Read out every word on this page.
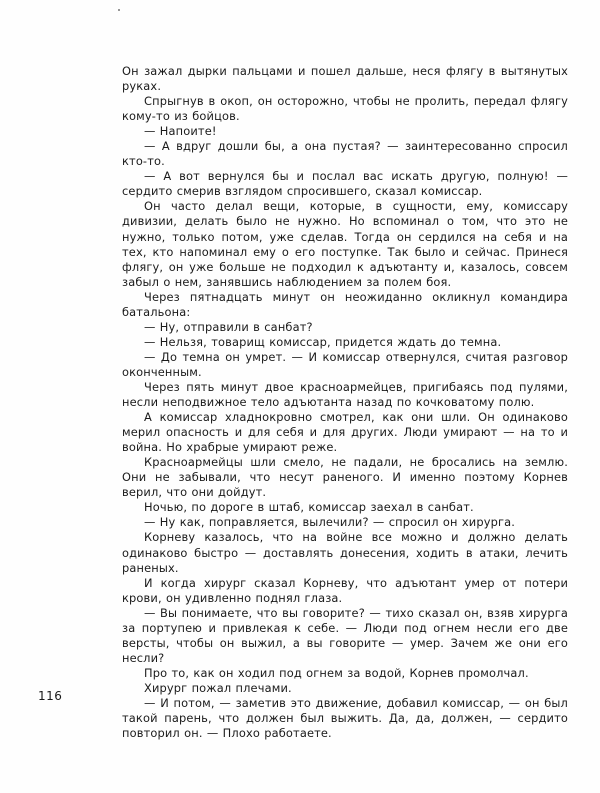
Он зажал дырки пальцами и пошел дальше, неся флягу в вытянутых руках.

Спрыгнув в окоп, он осторожно, чтобы не пролить, передал флягу кому-то из бойцов.

— Напоите!

— А вдруг дошли бы, а она пустая? — заинтересованно спросил кто-то.

— А вот вернулся бы и послал вас искать другую, полную! — сердито смерив взглядом спросившего, сказал комиссар.

Он часто делал вещи, которые, в сущности, ему, комиссару дивизии, делать было не нужно. Но вспоминал о том, что это не нужно, только потом, уже сделав. Тогда он сердился на себя и на тех, кто напоминал ему о его поступке. Так было и сейчас. Принеся флягу, он уже больше не подходил к адъютанту и, казалось, совсем забыл о нем, занявшись наблюдением за полем боя.

Через пятнадцать минут он неожиданно окликнул командира батальона:

— Ну, отправили в санбат?

— Нельзя, товарищ комиссар, придется ждать до темна.

— До темна он умрет. — И комиссар отвернулся, считая разговор оконченным.

Через пять минут двое красноармейцев, пригибаясь под пулями, несли неподвижное тело адъютанта назад по кочковатому полю.

А комиссар хладнокровно смотрел, как они шли. Он одинаково мерил опасность и для себя и для других. Люди умирают — на то и война. Но храбрые умирают реже.

Красноармейцы шли смело, не падали, не бросались на землю. Они не забывали, что несут раненого. И именно поэтому Корнев верил, что они дойдут.

Ночью, по дороге в штаб, комиссар заехал в санбат.

— Ну как, поправляется, вылечили? — спросил он хирурга.

Корневу казалось, что на войне все можно и должно делать одинаково быстро — доставлять донесения, ходить в атаки, лечить раненых.

И когда хирург сказал Корневу, что адъютант умер от потери крови, он удивленно поднял глаза.

— Вы понимаете, что вы говорите? — тихо сказал он, взяв хирурга за портупею и привлекая к себе. — Люди под огнем несли его две версты, чтобы он выжил, а вы говорите — умер. Зачем же они его несли?

Про то, как он ходил под огнем за водой, Корнев промолчал.

Хирург пожал плечами.

— И потом, — заметив это движение, добавил комиссар, — он был такой парень, что должен был выжить. Да, да, должен, — сердито повторил он. — Плохо работаете.

116
